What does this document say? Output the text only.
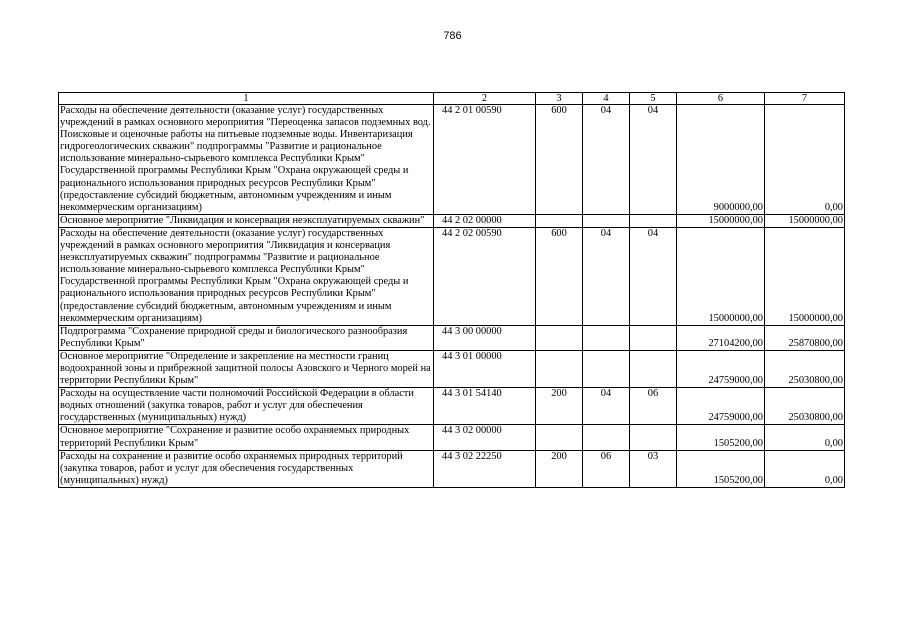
786
1	2	3	4	5	6	7
Расходы на обеспечение деятельности (оказание услуг) государственных учреждений в рамках основного мероприятия "Переоценка запасов подземных вод. Поисковые и оценочные работы на питьевые подземные воды. Инвентаризация гидрогеологических скважин" подпрограммы "Развитие и рациональное использование минерально-сырьевого комплекса Республики Крым" Государственной программы Республики Крым "Охрана окружающей среды и рационального использования природных ресурсов Республики Крым" (предоставление субсидий бюджетным, автономным учреждениям и иным некоммерческим организациям)	44 2 01 00590	600	04	04	9000000,00	0,00
Основное мероприятие "Ликвидация и консервация неэксплуатируемых скважин"	44 2 02 00000				15000000,00	15000000,00
Расходы на обеспечение деятельности (оказание услуг) государственных учреждений в рамках основного мероприятия "Ликвидация и консервация неэксплуатируемых скважин" подпрограммы "Развитие и рациональное использование минерально-сырьевого комплекса Республики Крым" Государственной программы Республики Крым "Охрана окружающей среды и рационального использования природных ресурсов Республики Крым" (предоставление субсидий бюджетным, автономным учреждениям и иным некоммерческим организациям)	44 2 02 00590	600	04	04	15000000,00	15000000,00
Подпрограмма "Сохранение природной среды и биологического разнообразия Республики Крым"	44 3 00 00000				27104200,00	25870800,00
Основное мероприятие "Определение и закрепление на местности границ водоохранной зоны и прибрежной защитной полосы Азовского и Черного морей на территории Республики Крым"	44 3 01 00000				24759000,00	25030800,00
Расходы на осуществление части полномочий Российской Федерации в области водных отношений (закупка товаров, работ и услуг для обеспечения государственных (муниципальных) нужд)	44 3 01 54140	200	04	06	24759000,00	25030800,00
Основное мероприятие "Сохранение и развитие особо охраняемых природных территорий Республики Крым"	44 3 02 00000				1505200,00	0,00
Расходы на сохранение и развитие особо охраняемых природных территорий (закупка товаров, работ и услуг для обеспечения государственных (муниципальных) нужд)	44 3 02 22250	200	06	03	1505200,00	0,00
